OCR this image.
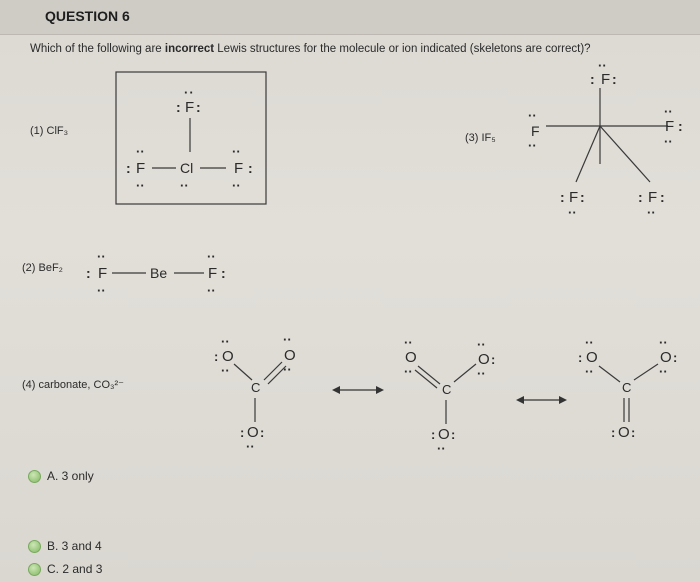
QUESTION 6
Which of the following are incorrect Lewis structures for the molecule or ion indicated (skeletons are correct)?
(1) ClF₃
(2) BeF₂
(3) IF₅
(4) carbonate, CO₃²⁻
F
: :
··
Cl
··
F
:
··
··
F :
··
··
F
:
··
··
Be	F :
··
··
F
: :
··
F
··
··
F :
··
··
F
: :
··
F
: :
··
: O
··
··
C
O
··
··
: O :
··
O
··
··
C
O :
··
··
: O :
··
: O
··
··
C
O :
··
··
: O :
A. 3 only
B. 3 and 4
C. 2 and 3
